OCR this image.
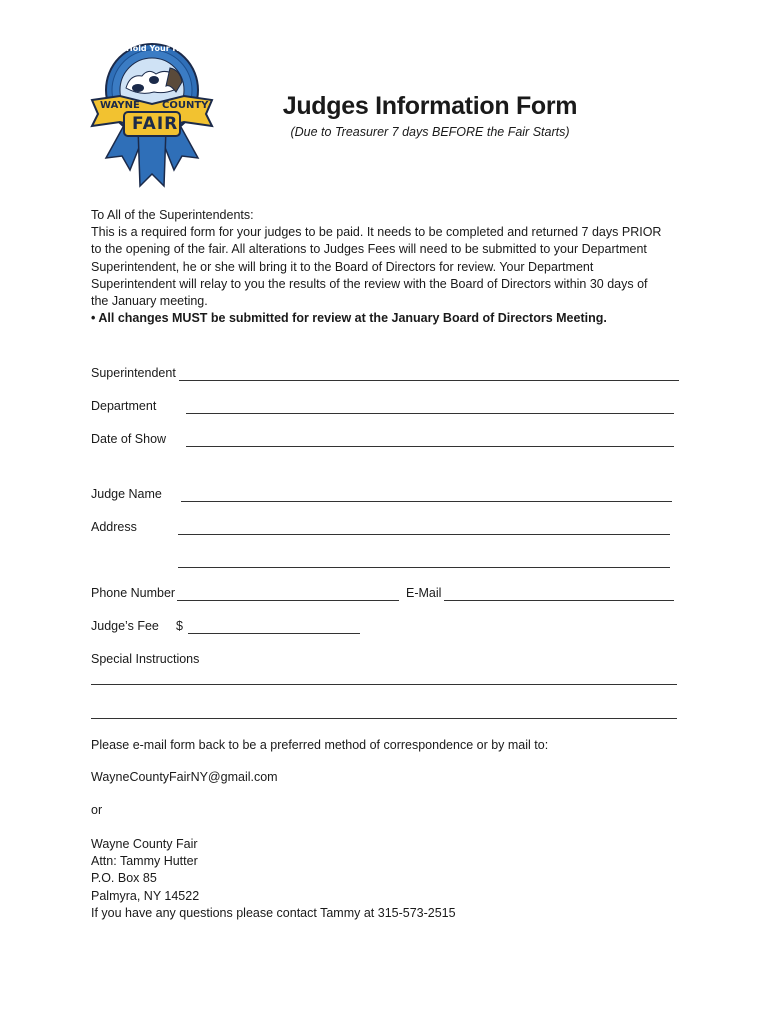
Hold Your Horses
WAYNE COUNTY
FAIR
Judges Information Form
(Due to Treasurer 7 days BEFORE the Fair Starts)
To All of the Superintendents:
This is a required form for your judges to be paid. It needs to be completed and returned 7 days PRIOR
to the opening of the fair. All alterations to Judges Fees will need to be submitted to your Department
Superintendent, he or she will bring it to the Board of Directors for review. Your Department
Superintendent will relay to you the results of the review with the Board of Directors within 30 days of
the January meeting.
• All changes MUST be submitted for review at the January Board of Directors Meeting.
Superintendent
Department
Date of Show
Judge Name
Address
Phone Number	E-Mail
Judge’s Fee $
Special Instructions
Please e-mail form back to be a preferred method of correspondence or by mail to:
WayneCountyFairNY@gmail.com
or
Wayne County Fair
Attn: Tammy Hutter
P.O. Box 85
Palmyra, NY 14522
If you have any questions please contact Tammy at 315-573-2515
